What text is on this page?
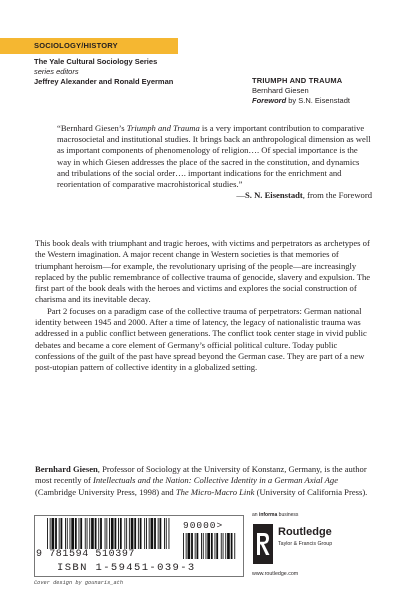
SOCIOLOGY/HISTORY
The Yale Cultural Sociology Series
series editors
Jeffrey Alexander and Ronald Eyerman	TRIUMPH AND TRAUMA
Bernhard Giesen
Foreword by S.N. Eisenstadt
“Bernhard Giesen’s Triumph and Trauma is a very important contribution to comparative macrosocietal and institutional studies. It brings back an anthropological dimension as well as important components of phenomenology of religion…. Of special importance is the way in which Giesen addresses the place of the sacred in the constitution, and dynamics and tribulations of the social order…. important indications for the enrichment and reorientation of comparative macrohistorical studies.”
—S. N. Eisenstadt, from the Foreword

This book deals with triumphant and tragic heroes, with victims and perpetrators as archetypes of the Western imagination. A major recent change in Western societies is that memories of triumphant heroism—for example, the revolutionary uprising of the people—are increasingly replaced by the public remembrance of collective trauma of genocide, slavery and expulsion. The first part of the book deals with the heroes and victims and explores the social construction of charisma and its inevitable decay.

Part 2 focuses on a paradigm case of the collective trauma of perpetrators: German national identity between 1945 and 2000. After a time of latency, the legacy of nationalistic trauma was addressed in a public conflict between generations. The conflict took center stage in vivid public debates and became a core element of Germany’s official political culture. Today public confessions of the guilt of the past have spread beyond the German case. They are part of a new post-utopian pattern of collective identity in a globalized setting.

Bernhard Giesen, Professor of Sociology at the University of Konstanz, Germany, is the author most recently of Intellectuals and the Nation: Collective Identity in a German Axial Age (Cambridge University Press, 1998) and The Micro-Macro Link (University of California Press).

an informa business
9 781594 510397
ISBN 1-59451-039-3
90000>
Routledge
Taylor & Francis Group
www.routledge.com
Cover design by gounaris_ath
